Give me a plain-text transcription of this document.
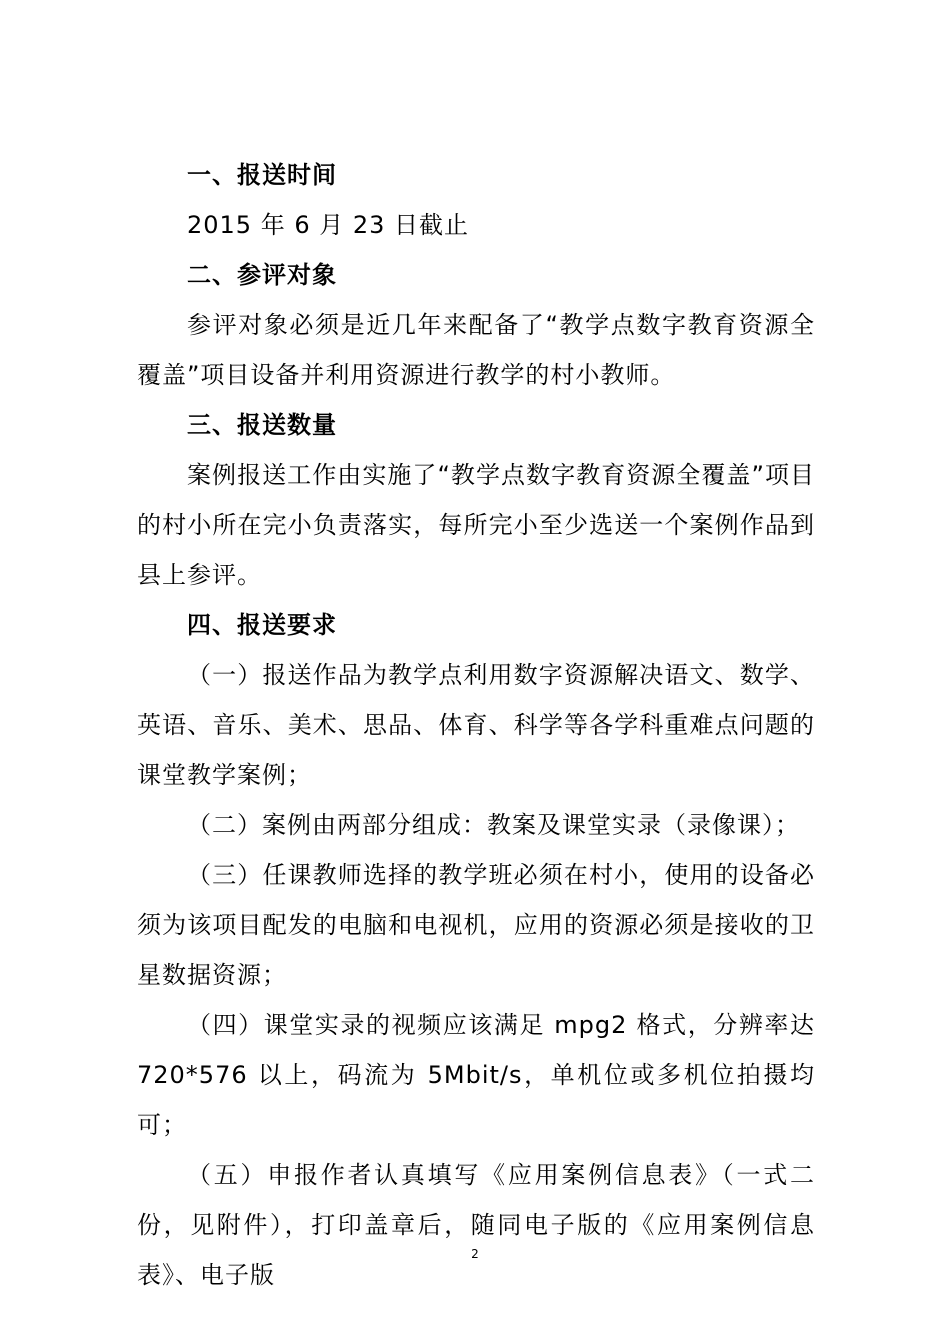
一、报送时间

2015 年 6 月 23 日截止

二、参评对象

参评对象必须是近几年来配备了“教学点数字教育资源全覆盖”项目设备并利用资源进行教学的村小教师。

三、报送数量

案例报送工作由实施了“教学点数字教育资源全覆盖”项目的村小所在完小负责落实，每所完小至少选送一个案例作品到县上参评。

四、报送要求

（一）报送作品为教学点利用数字资源解决语文、数学、英语、音乐、美术、思品、体育、科学等各学科重难点问题的课堂教学案例；

（二）案例由两部分组成：教案及课堂实录（录像课）；

（三）任课教师选择的教学班必须在村小，使用的设备必须为该项目配发的电脑和电视机，应用的资源必须是接收的卫星数据资源；

（四）课堂实录的视频应该满足 mpg2 格式，分辨率达 720*576 以上，码流为 5Mbit/s，单机位或多机位拍摄均可；

（五）申报作者认真填写《应用案例信息表》（一式二份，见附件），打印盖章后，随同电子版的《应用案例信息表》、电子版

2
